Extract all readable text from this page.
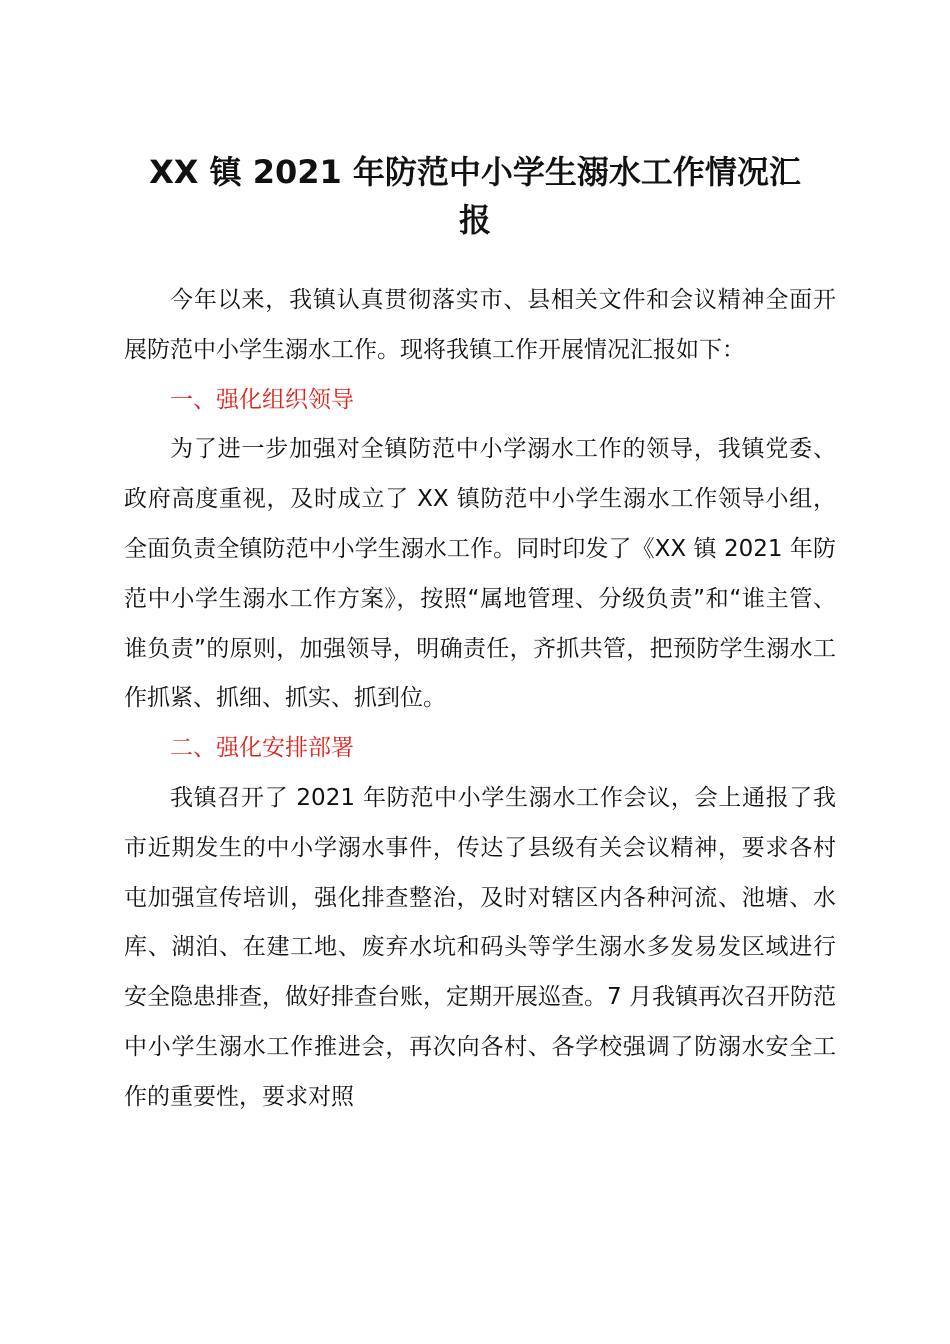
XX 镇 2021 年防范中小学生溺水工作情况汇
报

今年以来，我镇认真贯彻落实市、县相关文件和会议精神全面开展防范中小学生溺水工作。现将我镇工作开展情况汇报如下：

一、强化组织领导

为了进一步加强对全镇防范中小学溺水工作的领导，我镇党委、政府高度重视，及时成立了 XX 镇防范中小学生溺水工作领导小组，全面负责全镇防范中小学生溺水工作。同时印发了《XX 镇 2021 年防范中小学生溺水工作方案》，按照“属地管理、分级负责”和“谁主管、谁负责”的原则，加强领导，明确责任，齐抓共管，把预防学生溺水工作抓紧、抓细、抓实、抓到位。

二、强化安排部署

我镇召开了 2021 年防范中小学生溺水工作会议，会上通报了我市近期发生的中小学溺水事件，传达了县级有关会议精神，要求各村屯加强宣传培训，强化排查整治，及时对辖区内各种河流、池塘、水库、湖泊、在建工地、废弃水坑和码头等学生溺水多发易发区域进行安全隐患排查，做好排查台账，定期开展巡查。7 月我镇再次召开防范中小学生溺水工作推进会，再次向各村、各学校强调了防溺水安全工作的重要性，要求对照
